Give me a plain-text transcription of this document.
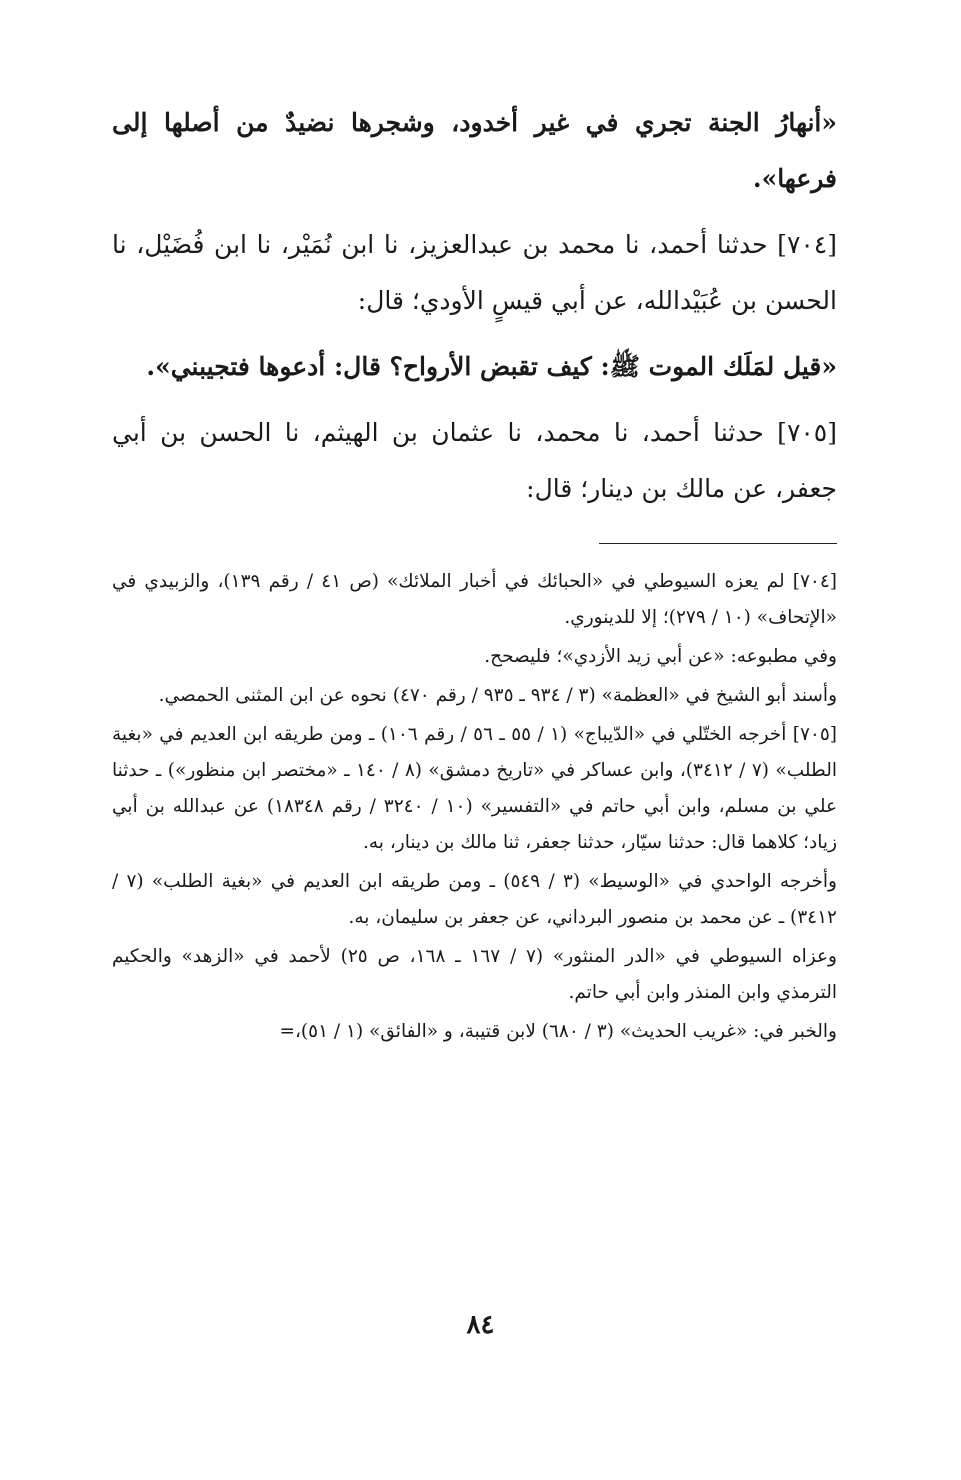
«أنهارُ الجنة تجري في غير أخدود، وشجرها نضيدٌ من أصلها إلى فرعها».

[٧٠٤] حدثنا أحمد، نا محمد بن عبدالعزيز، نا ابن نُمَيْر، نا ابن فُضَيْل، نا الحسن بن عُبَيْدالله، عن أبي قيسٍ الأودي؛ قال:

«قيل لمَلَك الموت ﷺ: كيف تقبض الأرواح؟ قال: أدعوها فتجيبني».

[٧٠٥] حدثنا أحمد، نا محمد، نا عثمان بن الهيثم، نا الحسن بن أبي جعفر، عن مالك بن دينار؛ قال:

[٧٠٤] لم يعزه السيوطي في «الحبائك في أخبار الملائك» (ص ٤١ / رقم ١٣٩)، والزبيدي في «الإتحاف» (١٠ / ٢٧٩)؛ إلا للدينوري.

وفي مطبوعه: «عن أبي زيد الأزدي»؛ فليصحح.

وأسند أبو الشيخ في «العظمة» (٣ / ٩٣٤ ـ ٩٣٥ / رقم ٤٧٠) نحوه عن ابن المثنى الحمصي.

[٧٠٥] أخرجه الختّلي في «الدّيباج» (١ / ٥٥ ـ ٥٦ / رقم ١٠٦) ـ ومن طريقه ابن العديم في «بغية الطلب» (٧ / ٣٤١٢)، وابن عساكر في «تاريخ دمشق» (٨ / ١٤٠ ـ «مختصر ابن منظور») ـ حدثنا علي بن مسلم، وابن أبي حاتم في «التفسير» (١٠ / ٣٢٤٠ / رقم ١٨٣٤٨) عن عبدالله بن أبي زياد؛ كلاهما قال: حدثنا سيّار، حدثنا جعفر، ثنا مالك بن دينار، به.

وأخرجه الواحدي في «الوسيط» (٣ / ٥٤٩) ـ ومن طريقه ابن العديم في «بغية الطلب» (٧ / ٣٤١٢) ـ عن محمد بن منصور البرداني، عن جعفر بن سليمان، به.

وعزاه السيوطي في «الدر المنثور» (٧ / ١٦٧ ـ ١٦٨، ص ٢٥) لأحمد في «الزهد» والحكيم الترمذي وابن المنذر وابن أبي حاتم.

والخبر في: «غريب الحديث» (٣ / ٦٨٠) لابن قتيبة، و «الفائق» (١ / ٥١)،=

٨٤
